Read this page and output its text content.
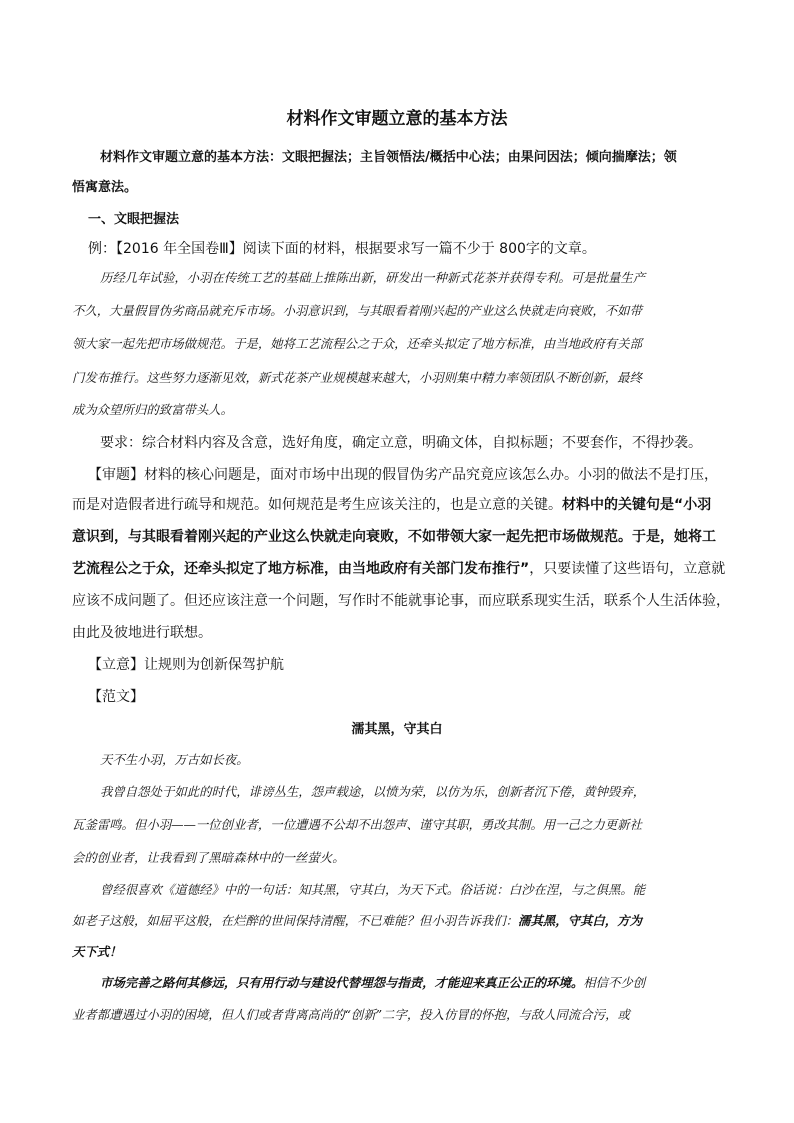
材料作文审题立意的基本方法
材料作文审题立意的基本方法：文眼把握法；主旨领悟法/概括中心法；由果问因法；倾向揣摩法；领
悟寓意法。
一、文眼把握法
例：【2016 年全国卷Ⅲ】阅读下面的材料，根据要求写一篇不少于 800字的文章。
历经几年试验，小羽在传统工艺的基础上推陈出新，研发出一种新式花茶并获得专利。可是批量生产
不久，大量假冒伪劣商品就充斥市场。小羽意识到，与其眼看着刚兴起的产业这么快就走向衰败，不如带
领大家一起先把市场做规范。于是，她将工艺流程公之于众，还牵头拟定了地方标准，由当地政府有关部
门发布推行。这些努力逐渐见效，新式花茶产业规模越来越大，小羽则集中精力率领团队不断创新，最终
成为众望所归的致富带头人。
要求：综合材料内容及含意，选好角度，确定立意，明确文体，自拟标题；不要套作，不得抄袭。
【审题】材料的核心问题是，面对市场中出现的假冒伪劣产品究竟应该怎么办。小羽的做法不是打压，
而是对造假者进行疏导和规范。如何规范是考生应该关注的，也是立意的关键。材料中的关键句是“小羽
意识到，与其眼看着刚兴起的产业这么快就走向衰败，不如带领大家一起先把市场做规范。于是，她将工
艺流程公之于众，还牵头拟定了地方标准，由当地政府有关部门发布推行”，只要读懂了这些语句，立意就
应该不成问题了。但还应该注意一个问题，写作时不能就事论事，而应联系现实生活，联系个人生活体验，
由此及彼地进行联想。
【立意】让规则为创新保驾护航
【范文】
濡其黑，守其白
天不生小羽，万古如长夜。
我曾自怨处于如此的时代，诽谤丛生，怨声载途，以愤为荣，以仿为乐，创新者沉下倦，黄钟毁弃，
瓦釜雷鸣。但小羽——一位创业者，一位遭遇不公却不出怨声、谨守其职，勇改其制。用一己之力更新社
会的创业者，让我看到了黑暗森林中的一丝萤火。
曾经很喜欢《道德经》中的一句话：知其黑，守其白，为天下式。俗话说：白沙在涅，与之俱黑。能
如老子这般，如屈平这般，在烂醉的世间保持清醒，不已难能？但小羽告诉我们：濡其黑，守其白，方为
天下式！
市场完善之路何其修远，只有用行动与建设代替埋怨与指责，才能迎来真正公正的环境。相信不少创
业者都遭遇过小羽的困境，但人们或者背离高尚的“创新”二字，投入仿冒的怀抱，与敌人同流合污，或
